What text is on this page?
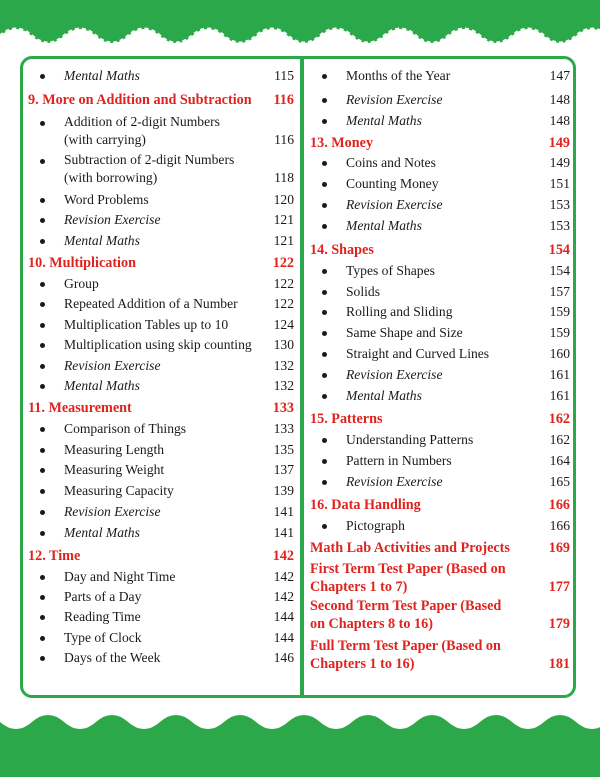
Mental Maths	115
9. More on Addition and Subtraction 116
Addition of 2-digit Numbers (with carrying)	116
Subtraction of 2-digit Numbers (with borrowing)	118
Word Problems	120
Revision Exercise	121
Mental Maths	121
10. Multiplication	122
Group	122
Repeated Addition of a Number	122
Multiplication Tables up to 10	124
Multiplication using skip counting 130
Revision Exercise	132
Mental Maths	132
11. Measurement	133
Comparison of Things	133
Measuring Length	135
Measuring Weight	137
Measuring Capacity	139
Revision Exercise	141
Mental Maths	141
12. Time	142
Day and Night Time	142
Parts of a Day	142
Reading Time	144
Type of Clock	144
Days of the Week	146
Months of the Year	147
Revision Exercise	148
Mental Maths	148
13. Money	149
Coins and Notes	149
Counting Money	151
Revision Exercise	153
Mental Maths	153
14. Shapes	154
Types of Shapes	154
Solids	157
Rolling and Sliding	159
Same Shape and Size	159
Straight and Curved Lines	160
Revision Exercise	161
Mental Maths	161
15. Patterns	162
Understanding Patterns	162
Pattern in Numbers	164
Revision Exercise	165
16. Data Handling	166
Pictograph	166
Math Lab Activities and Projects	169
First Term Test Paper (Based on Chapters 1 to 7)	177
Second Term Test Paper (Based on Chapters 8 to 16)	179
Full Term Test Paper (Based on Chapters 1 to 16)	181
